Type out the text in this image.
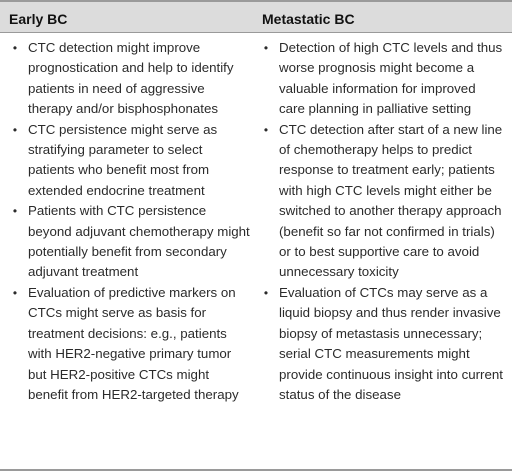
Early BC	Metastatic BC
• CTC detection might improve prognostication and help to identify patients in need of aggressive therapy and/or bisphosphonates
• CTC persistence might serve as stratifying parameter to select patients who benefit most from extended endocrine treatment
• Patients with CTC persistence beyond adjuvant chemotherapy might potentially benefit from secondary adjuvant treatment
• Evaluation of predictive markers on CTCs might serve as basis for treatment decisions: e.g., patients with HER2-negative primary tumor but HER2-positive CTCs might benefit from HER2-targeted therapy
• Detection of high CTC levels and thus worse prognosis might become a valuable information for improved care planning in palliative setting
• CTC detection after start of a new line of chemotherapy helps to predict response to treatment early; patients with high CTC levels might either be switched to another therapy approach (benefit so far not confirmed in trials) or to best supportive care to avoid unnecessary toxicity
• Evaluation of CTCs may serve as a liquid biopsy and thus render invasive biopsy of metastasis unnecessary; serial CTC measurements might provide continuous insight into current status of the disease
